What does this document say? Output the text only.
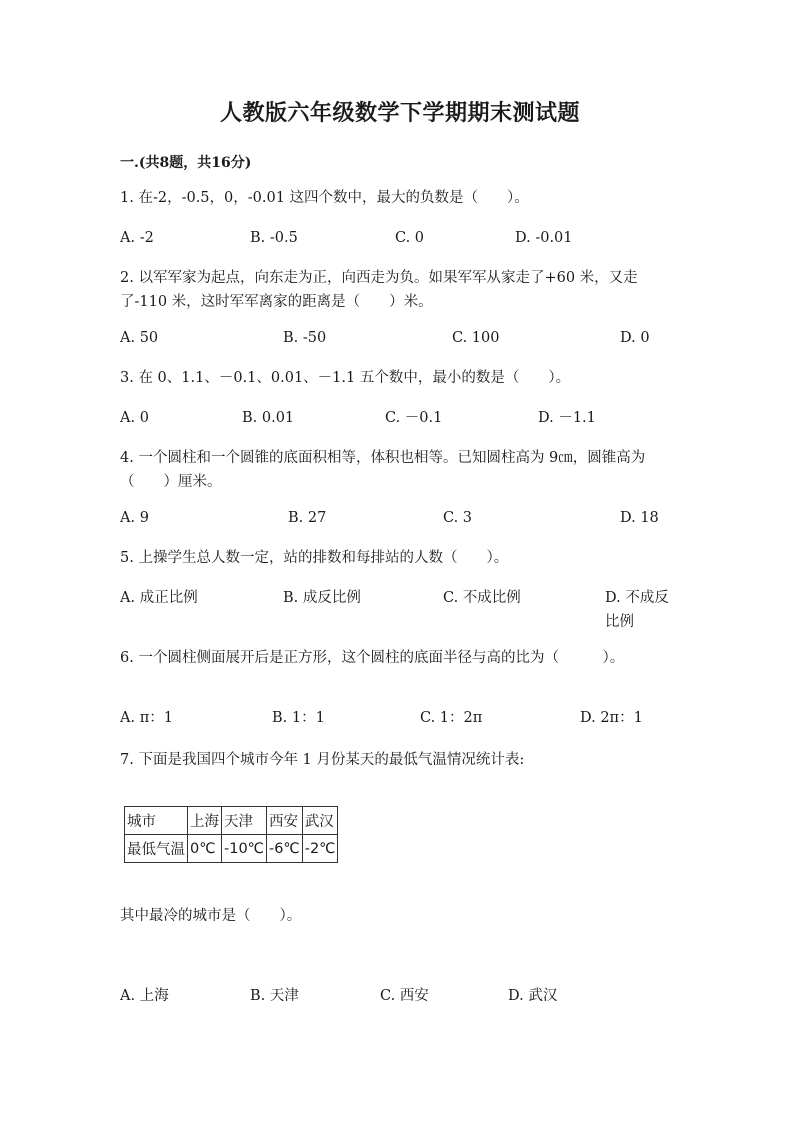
人教版六年级数学下学期期末测试题
一.(共8题，共16分)
1. 在-2，-0.5，0，-0.01 这四个数中，最大的负数是（　　）。
A. -2	B. -0.5	C. 0	D. -0.01
2. 以军军家为起点，向东走为正，向西走为负。如果军军从家走了+60 米，又走了-110 米，这时军军离家的距离是（　　）米。
A. 50	B. -50	C. 100	D. 0
3. 在 0、1.1、－0.1、0.01、－1.1 五个数中，最小的数是（　　）。
A. 0	B. 0.01	C. －0.1	D. －1.1
4. 一个圆柱和一个圆锥的底面积相等，体积也相等。已知圆柱高为 9㎝，圆锥高为（　　）厘米。
A. 9	B. 27	C. 3	D. 18
5. 上操学生总人数一定，站的排数和每排站的人数（　　）。
A. 成正比例	B. 成反比例	C. 不成比例	D. 不成反比例
6. 一个圆柱侧面展开后是正方形，这个圆柱的底面半径与高的比为（　　　）。
A. π：1	B. 1：1	C. 1：2π	D. 2π：1
7. 下面是我国四个城市今年 1 月份某天的最低气温情况统计表:
城市	上海	天津	西安	武汉
最低气温	0℃	-10℃	-6℃	-2℃
其中最冷的城市是（　　）。
A. 上海	B. 天津	C. 西安	D. 武汉
